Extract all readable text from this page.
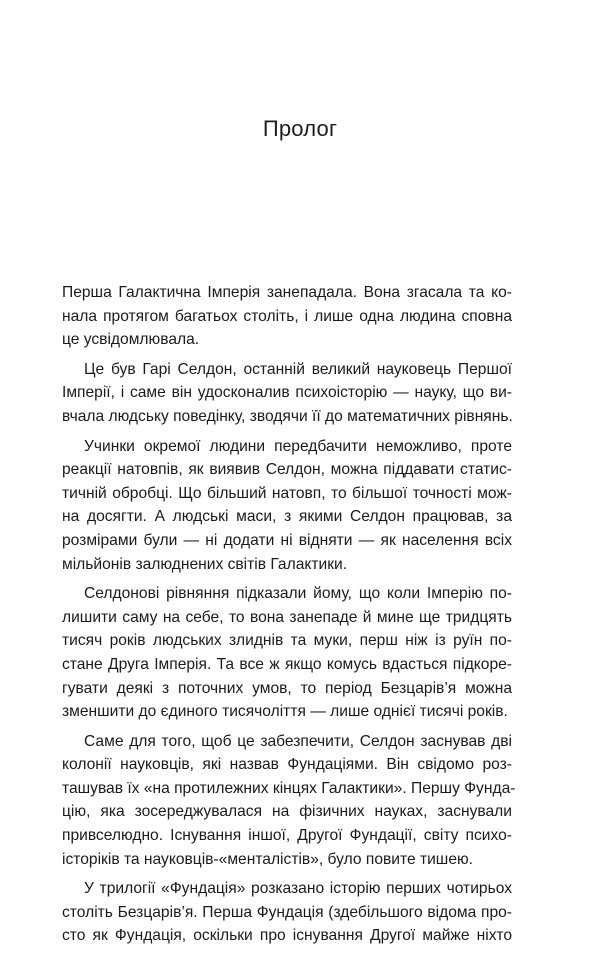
Пролог
Перша Галактична Імперія занепадала. Вона згасала та ко-
нала протягом багатьох століть, і лише одна людина сповна
це усвідомлювала.
Це був Гарі Селдон, останній великий науковець Першої
Імперії, і саме він удосконалив психоісторію — науку, що ви-
вчала людську поведінку, зводячи її до математичних рівнянь.
Учинки окремої людини передбачити неможливо, проте
реакції натовпів, як виявив Селдон, можна піддавати статис-
тичній обробці. Що більший натовп, то більшої точності мож-
на досягти. А людські маси, з якими Селдон працював, за
розмірами були — ні додати ні відняти — як населення всіх
мільйонів залюднених світів Галактики.
Селдонові рівняння підказали йому, що коли Імперію по-
лишити саму на себе, то вона занепаде й мине ще тридцять
тисяч років людських злиднів та муки, перш ніж із руїн по-
стане Друга Імперія. Та все ж якщо комусь вдасться підкоре-
гувати деякі з поточних умов, то період Безцарів’я можна
зменшити до єдиного тисячоліття — лише однієї тисячі років.
Саме для того, щоб це забезпечити, Селдон заснував дві
колонії науковців, які назвав Фундаціями. Він свідомо роз-
ташував їх «на протилежних кінцях Галактики». Першу Фунда-
цію, яка зосереджувалася на фізичних науках, заснували
привселюдно. Існування іншої, Другої Фундації, світу психо-
історіків та науковців-«менталістів», було повите тишею.
У трилогії «Фундація» розказано історію перших чотирьох
століть Безцарів’я. Перша Фундація (здебільшого відома про-
сто як Фундація, оскільки про існування Другої майже ніхто
